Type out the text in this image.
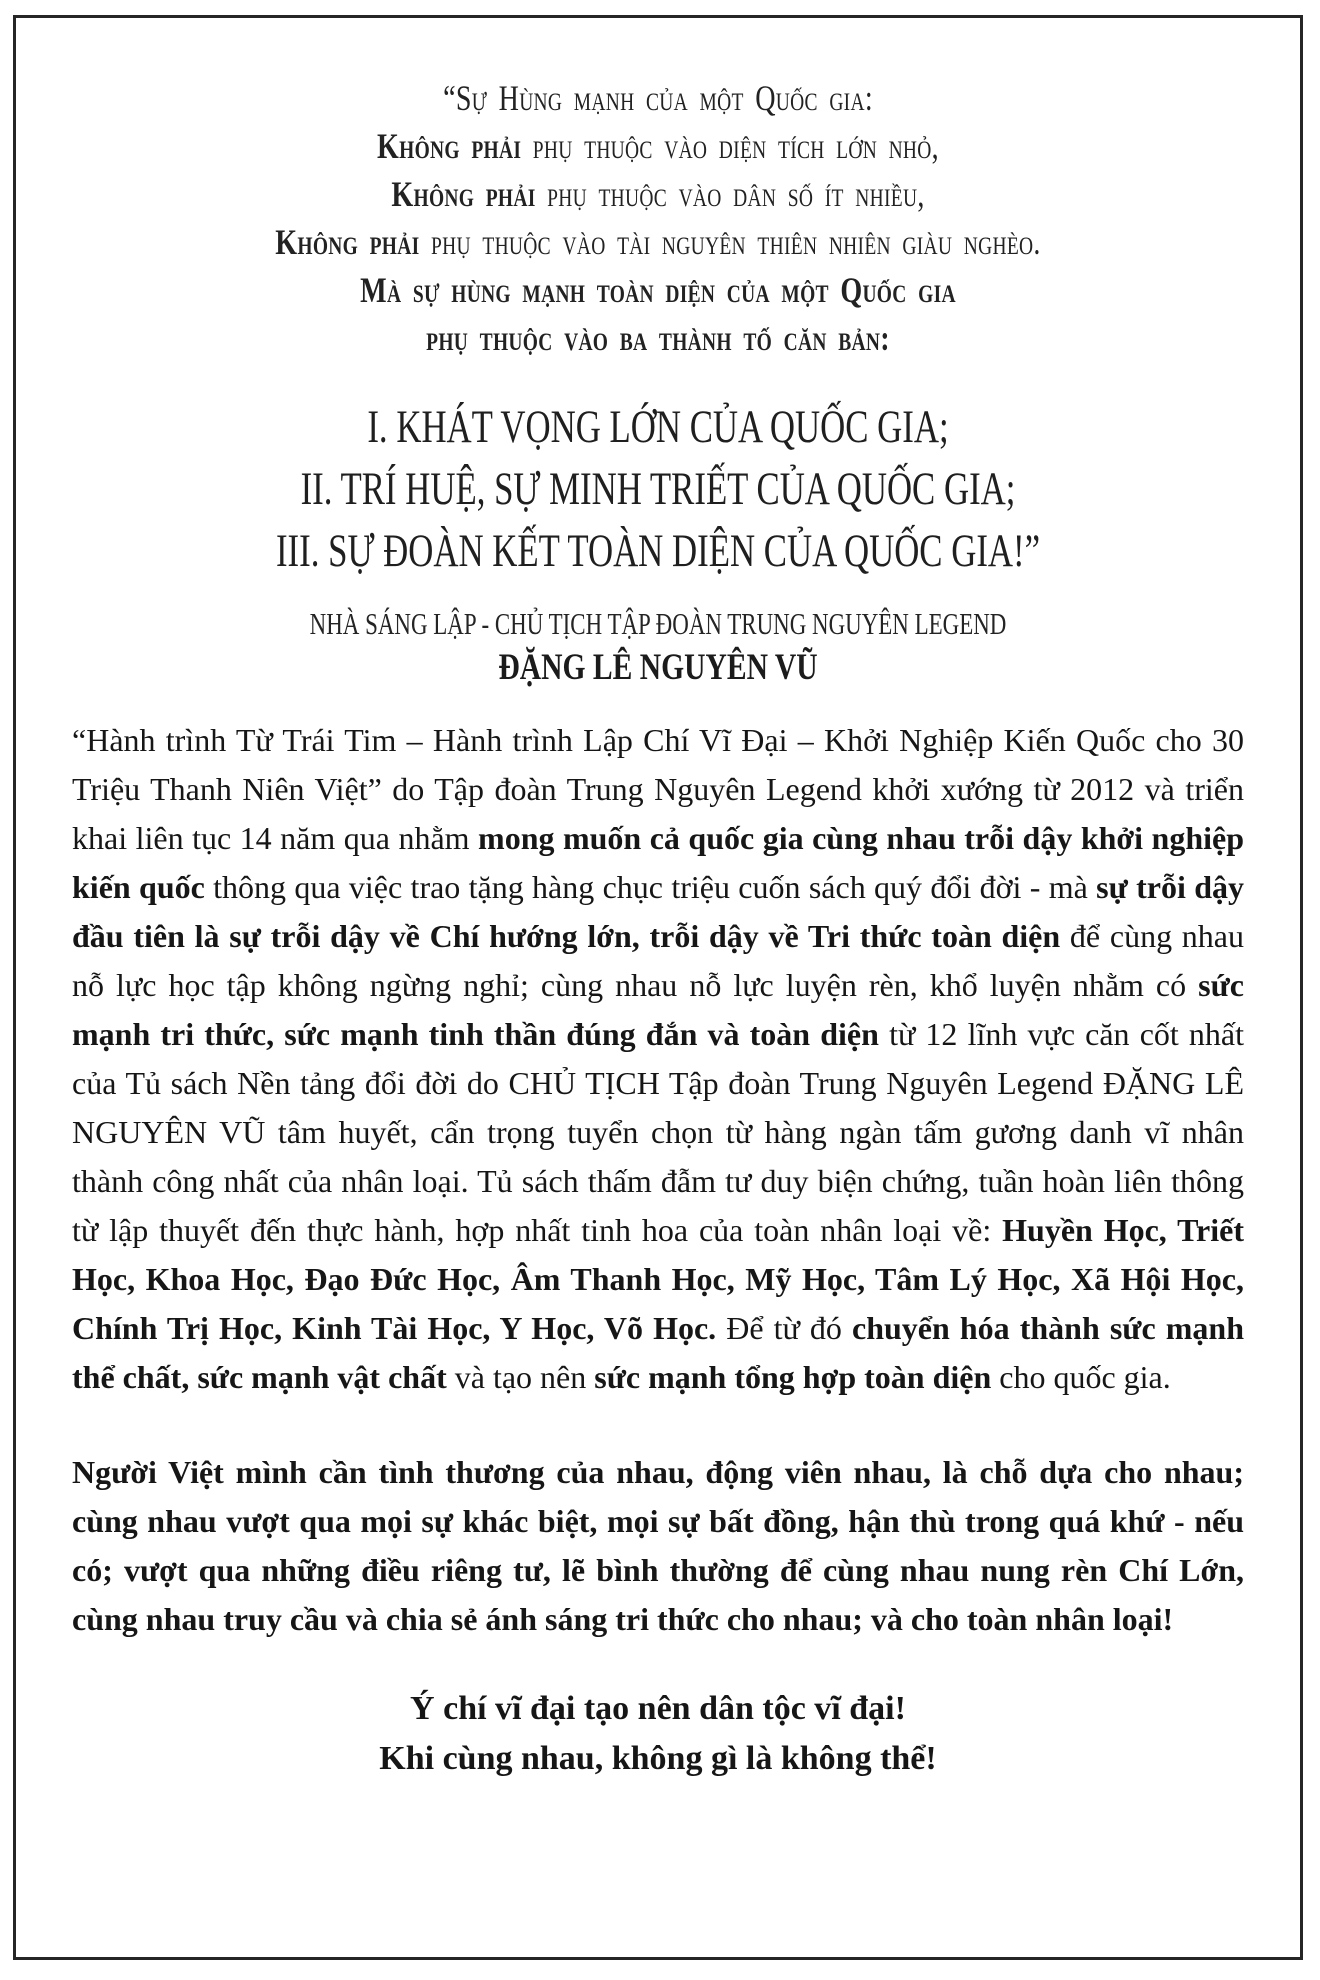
“Sự Hùng mạnh của một Quốc gia:
Không phải phụ thuộc vào diện tích lớn nhỏ,
Không phải phụ thuộc vào dân số ít nhiều,
Không phải phụ thuộc vào tài nguyên thiên nhiên giàu nghèo.
Mà sự hùng mạnh toàn diện của một Quốc gia
phụ thuộc vào ba thành tố căn bản:
I. KHÁT VỌNG LỚN CỦA QUỐC GIA;
II. TRÍ HUỆ, SỰ MINH TRIẾT CỦA QUỐC GIA;
III. SỰ ĐOÀN KẾT TOÀN DIỆN CỦA QUỐC GIA!”
NHÀ SÁNG LẬP - CHỦ TỊCH TẬP ĐOÀN TRUNG NGUYÊN LEGEND
ĐẶNG LÊ NGUYÊN VŨ

“Hành trình Từ Trái Tim – Hành trình Lập Chí Vĩ Đại – Khởi Nghiệp Kiến Quốc cho 30 Triệu Thanh Niên Việt” do Tập đoàn Trung Nguyên Legend khởi xướng từ 2012 và triển khai liên tục 14 năm qua nhằm mong muốn cả quốc gia cùng nhau trỗi dậy khởi nghiệp kiến quốc thông qua việc trao tặng hàng chục triệu cuốn sách quý đổi đời - mà sự trỗi dậy đầu tiên là sự trỗi dậy về Chí hướng lớn, trỗi dậy về Tri thức toàn diện để cùng nhau nỗ lực học tập không ngừng nghỉ; cùng nhau nỗ lực luyện rèn, khổ luyện nhằm có sức mạnh tri thức, sức mạnh tinh thần đúng đắn và toàn diện từ 12 lĩnh vực căn cốt nhất của Tủ sách Nền tảng đổi đời do CHỦ TỊCH Tập đoàn Trung Nguyên Legend ĐẶNG LÊ NGUYÊN VŨ tâm huyết, cẩn trọng tuyển chọn từ hàng ngàn tấm gương danh vĩ nhân thành công nhất của nhân loại. Tủ sách thấm đẫm tư duy biện chứng, tuần hoàn liên thông từ lập thuyết đến thực hành, hợp nhất tinh hoa của toàn nhân loại về: Huyền Học, Triết Học, Khoa Học, Đạo Đức Học, Âm Thanh Học, Mỹ Học, Tâm Lý Học, Xã Hội Học, Chính Trị Học, Kinh Tài Học, Y Học, Võ Học. Để từ đó chuyển hóa thành sức mạnh thể chất, sức mạnh vật chất và tạo nên sức mạnh tổng hợp toàn diện cho quốc gia.

Người Việt mình cần tình thương của nhau, động viên nhau, là chỗ dựa cho nhau; cùng nhau vượt qua mọi sự khác biệt, mọi sự bất đồng, hận thù trong quá khứ - nếu có; vượt qua những điều riêng tư, lẽ bình thường để cùng nhau nung rèn Chí Lớn, cùng nhau truy cầu và chia sẻ ánh sáng tri thức cho nhau; và cho toàn nhân loại!

Ý chí vĩ đại tạo nên dân tộc vĩ đại!
Khi cùng nhau, không gì là không thể!
